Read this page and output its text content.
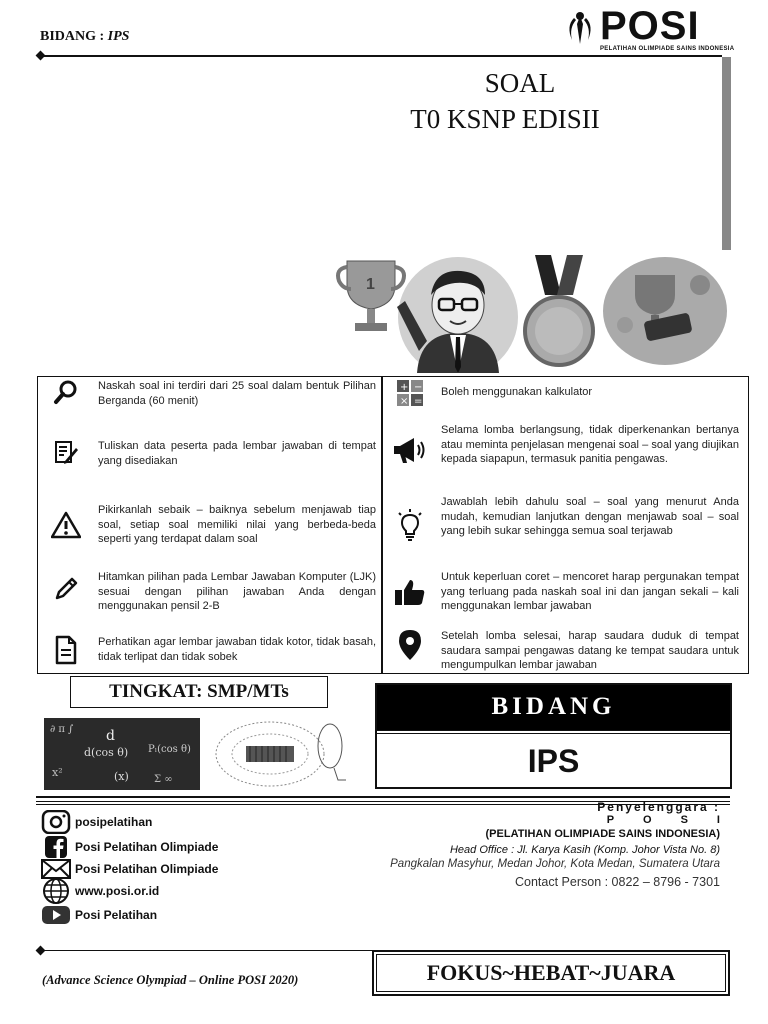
BIDANG : IPS	POSI
PELATIHAN OLIMPIADE SAINS INDONESIA
SOAL
T0 KSNP EDISII
1
Naskah soal ini terdiri dari 25 soal dalam bentuk Pilihan Berganda (60 menit)
Tuliskan data peserta pada lembar jawaban di tempat yang disediakan
Pikirkanlah sebaik – baiknya sebelum menjawab tiap soal, setiap soal memiliki nilai yang berbeda-beda seperti yang terdapat dalam soal
Hitamkan pilihan pada Lembar Jawaban Komputer (LJK) sesuai dengan pilihan jawaban Anda dengan menggunakan pensil 2-B
Perhatikan agar lembar jawaban tidak kotor, tidak basah, tidak terlipat dan tidak sobek
+ −
× =
Boleh menggunakan kalkulator
Selama lomba berlangsung, tidak diperkenankan bertanya atau meminta penjelasan mengenai soal – soal yang diujikan kepada siapapun, termasuk panitia pengawas.
Jawablah lebih dahulu soal – soal yang menurut Anda mudah, kemudian lanjutkan dengan menjawab soal – soal yang lebih sukar sehingga semua soal terjawab
Untuk keperluan coret – mencoret harap pergunakan tempat yang terluang pada naskah soal ini dan jangan sekali – kali menggunakan lembar jawaban
Setelah lomba selesai, harap saudara duduk di tempat saudara sampai pengawas datang ke tempat saudara untuk mengumpulkan lembar jawaban
TINGKAT: SMP/MTs
∂ π ∫ d
d(cos θ) Pₗ(cos θ)
x²	(x)	Σ ∞
BIDANG
IPS
posipelatihan
Posi Pelatihan Olimpiade
Posi Pelatihan Olimpiade
www.posi.or.id
Posi Pelatihan
Penyelenggara :
POSI
(PELATIHAN OLIMPIADE SAINS INDONESIA)
Head Office : Jl. Karya Kasih (Komp. Johor Vista No. 8)
Pangkalan Masyhur, Medan Johor, Kota Medan, Sumatera Utara
Contact Person : 0822 – 8796 - 7301
(Advance Science Olympiad – Online POSI 2020)	FOKUS~HEBAT~JUARA
